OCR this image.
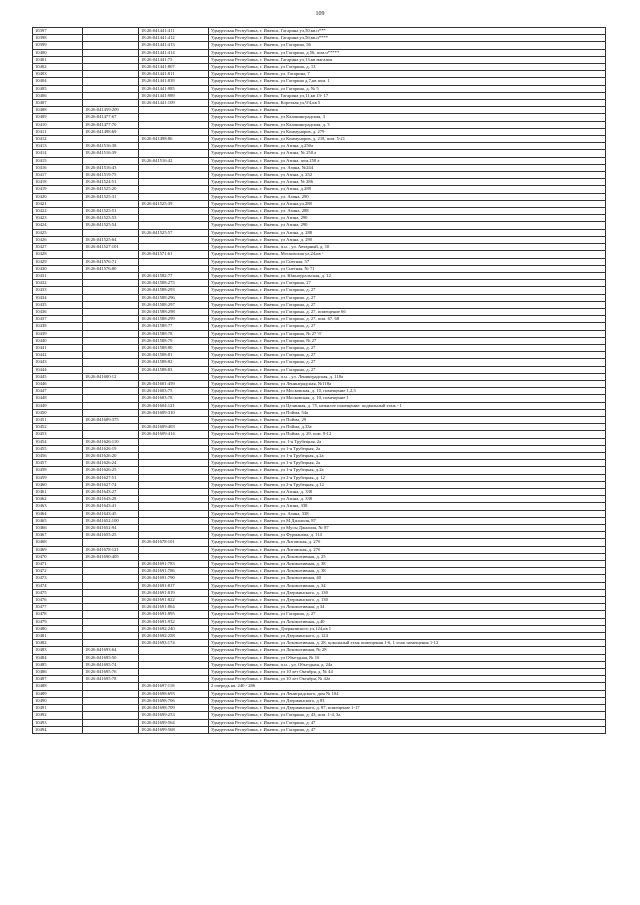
109
10397		18:26:041441:411	Удмуртская Республика, г. Ижевск, Гагарина ул,50,кв.п***
10398		18:26:041441:412	Удмуртская Республика, г. Ижевск, Гагарина ул,56,кв.п****
10399		18:26:041441:413	Удмуртская Республика, г. Ижевск, ул Гагарина, 56
10400		18:26:041441:414	Удмуртская Республика, г. Ижевск, ул Гагарина, д.56, пом.п*****
10401		18:26:041441:75	Удмуртская Республика, г. Ижевск, Гагарина ул,13,кв магазин
10402		18:26:041441:807	Удмуртская Республика, г. Ижевск, ул Гагарина, д. 13
10403		18:26:041441:811	Удмуртская Республика, г. Ижевск, ул. Гагарина, 7
10404		18:26:041441:839	Удмуртская Республика, г. Ижевск, ул Гагарина д.7,кв пом. 1
10405		18:26:041441:985	Удмуртская Республика, г. Ижевск, ул Гагарина, д. № 5
10406		18:26:041441:989	Удмуртская Республика, г. Ижевск, Гагарина ул,11,кв 13- 17
10407		18:26:041441:109	Удмуртская Республика, г. Ижевск, Короткая ул,9/4,кв 5
10408	18:26:041459:209		Удмуртская Республика, г. Ижевск
10409	18:26:041477:67		Удмуртская Республика, г. Ижевск, ул Калининградская, 3
10410	18:26:041477:70		Удмуртская Республика, г. Ижевск, ул Калининградская, д. 3
10411	18:26:041498:69		Удмуртская Республика, г. Ижевск, ул Коммунаров, д. 279
10412		18:26:041498:86	Удмуртская Республика, г. Ижевск, ул Коммунаров, д. 218, пом. 5-21
10413	18:26:041516:38		Удмуртская Республика, г. Ижевск, ул Азина, д.250а
10414	18:26:041516:39		Удмуртская Республика, г. Ижевск, ул Азина, № 250 а
10415		18:26:041516:42	Удмуртская Республика, г. Ижевск, ул Азина, пом.250 а
10416	18:26:041516:43		Удмуртская Республика, г. Ижевск, ул. Азина, №244
10417	18:26:041519:75		Удмуртская Республика, г. Ижевск, ул Азина, д. 252
10418	18:26:041524:51		Удмуртская Республика, г. Ижевск, ул Азина, № 286
10419	18:26:041525:20		Удмуртская Республика, г. Ижевск, ул Азина, д.288
10420	18:26:041525:31		Удмуртская Республика, г. Ижевск, ул. Азина, 290
10421		18:26:041525:39	Удмуртская Республика, г. Ижевск, ул Азина,ул.288
10422	18:26:041525:51		Удмуртская Республика, г. Ижевск, ул. Азина, 288
10423	18:26:041525:53		Удмуртская Республика, г. Ижевск, ул Азина, 290
10424	18:26:041525:54		Удмуртская Республика, г. Ижевск, ул Азина, 290
10425		18:26:041525:57	Удмуртская Республика, г. Ижевск, ул Азина, д. 288
10426	18:26:041525:64		Удмуртская Республика, г. Ижевск, ул Азина, д. 290
10427	18:26:041527:101		Удмуртская Республика, г. Ижевск, п.н. , ул. Автарный, д. 10
10428		18:26:041571:61	Удмуртская Республика, г. Ижевск, Московская ул,24,кв -
10429	18:26:041576:71		Удмуртская Республика, г. Ижевск, ул Снегная, 57
10430	18:26:041576:80		Удмуртская Республика, г. Ижевск, ул Снегная, № 71
10431		18:26:041582:77	Удмуртская Республика, г. Ижевск, ул. Южноуральская, д. 12
10432		18:26:041588:275	Удмуртская Республика, г. Ижевск, ул Гагарина, 27
10433		18:26:041588:293	Удмуртская Республика, г. Ижевск, ул Гагарина, д. 27
10434		18:26:041588:296	Удмуртская Республика, г. Ижевск, ул Гагарина, д. 27
10435		18:26:041588:297	Удмуртская Республика, г. Ижевск, ул Гагарина, д. 27
10436		18:26:041588:298	Удмуртская Республика, г. Ижевск, ул Гагарина, д. 27, помещение 66
10437		18:26:041588:299	Удмуртская Республика, г. Ижевск, ул Гагарина, д. 27, пом. 67, 68
10438		18:26:041588:77	Удмуртская Республика, г. Ижевск, ул Гагарина, д. 27
10439		18:26:041588:78	Удмуртская Республика, г. Ижевск, ул Гагарина, № 27 'б'
10440		18:26:041588:79	Удмуртская Республика, г. Ижевск, ул Гагарина, № 27
10441		18:26:041588:80	Удмуртская Республика, г. Ижевск, ул Гагарина, д. 27
10442		18:26:041588:81	Удмуртская Республика, г. Ижевск, ул Гагарина, д. 27
10443		18:26:041588:82	Удмуртская Республика, г. Ижевск, ул Гагарина, д. 27
10444		18:26:041588:83	Удмуртская Республика, г. Ижевск, ул Гагарина, д. 27
10445	18:26:041600:12		Удмуртская Республика, г. Ижевск, п.н. , ул. Ленинградская, д. 118а
10446		18:26:041601:459	Удмуртская Республика, г. Ижевск, ул Ленинградская, №118а
10447		18:26:041603:75	Удмуртская Республика, г. Ижевск, ул Московская, д. 10, помещение 1,2,3
10448		18:26:041603:78	Удмуртская Республика, г. Ижевск, ул Московская, д. 10, помещение 1
10449		18:26:041604:121	Удмуртская Республика, г. Ижевск, ул Целинная, д. 75, нежилое помещение: подвальный этаж - 1
10450		18:26:041609:310	Удмуртская Республика, г. Ижевск, ул Пойма, 54а
10451	18:26:041609:375		Удмуртская Республика, г. Ижевск, ул Пойма, 29
10452		18:26:041609:403	Удмуртская Республика, г. Ижевск, ул Пойма, д.33а
10453		18:26:041609:414	Удмуртская Республика, г. Ижевск, ул Пойма, д. 29, пом. 9-12
10454	18:26:041626:110		Удмуртская Республика, г. Ижевск, ул. 1-я Трубецкая, 2а
10455	18:26:041626:19		Удмуртская Республика, г. Ижевск, ул 1-я Трубецкая, 2а
10456	18:26:041626:20		Удмуртская Республика, г. Ижевск, ул 1-я Трубецкая, д.2а
10457	18:26:041626:24		Удмуртская Республика, г. Ижевск, ул 1-я Трубецкая, 2а
10458	18:26:041626:25		Удмуртская Республика, г. Ижевск, ул 1-я Трубецкая, д.2а
10459	18:26:041627:51		Удмуртская Республика, г. Ижевск, ул 2-я Трубецкая, д. 12
10460	18:26:041627:74		Удмуртская Республика, г. Ижевск, ул 2-я Трубецкая, д.12
10461	18:26:041643:27		Удмуртская Республика, г. Ижевск, ул Азина, д. 338
10462	18:26:041643:28		Удмуртская Республика, г. Ижевск, ул Азина, д. 338
10463	18:26:041643:41		Удмуртская Республика, г. Ижевск, ул Азина, 338
10464	18:26:041643:45		Удмуртская Республика, г. Ижевск, ул. Азина, 338
10465	18:26:041652:100		Удмуртская Республика, г. Ижевск, ул М.Джалиля, 87
10466	18:26:041652:94		Удмуртская Республика, г. Ижевск, ул Мусы Джалиля, № 87
10467	18:26:041655:25		Удмуртская Республика, г. Ижевск, ул Фурманова, д. 114
10468		18:26:041678:101	Удмуртская Республика, г. Ижевск, ул Литовская, д. 27б
10469	18:26:041678:121		Удмуртская Республика, г. Ижевск, ул Литовская, д. 27б
10470	18:26:041690:405		Удмуртская Республика, г. Ижевск, ул Локомотивная, д. 25
10471		18:26:041691:783	Удмуртская Республика, г. Ижевск, ул Локомотивная, д. 38
10472		18:26:041691:786	Удмуртская Республика, г. Ижевск, ул Локомотивная, д. 38
10473		18:26:041691:790	Удмуртская Республика, г. Ижевск, ул Локомотивная, 40
10474		18:26:041691:817	Удмуртская Республика, г. Ижевск, ул Локомотивная, д. 34
10475		18:26:041691:819	Удмуртская Республика, г. Ижевск, ул Дзержинского, д. 130
10476		18:26:041691:822	Удмуртская Республика, г. Ижевск, ул Дзержинского, д. 130
10477		18:26:041691:864	Удмуртская Республика, г. Ижевск, ул Локомотивная, д 34
10478		18:26:041691:895	Удмуртская Республика, г. Ижевск, ул Гагарина, д. 27
10479		18:26:041691:932	Удмуртская Республика, г. Ижевск, ул Локомотивная, д.40
10480		18:26:041692:240	Удмуртская Республика, г. Ижевск, Дзержинского ул,124,кв 1
10481		18:26:041692:258	Удмуртская Республика, г. Ижевск, ул Дзержинского, д. 124
10482		18:26:041693:174	Удмуртская Республика, г. Ижевск, ул Локомотивная, д. 28, цокольный этаж помещения 1-6, 1 этаж помещения 1-12
10483	18:26:041693:64		Удмуртская Республика, г. Ижевск, ул Локомотивная, № 28
10484	18:26:041695:50		Удмуртская Республика, г. Ижевск, ул Объездная, № 1б
10485	18:26:041695:74		Удмуртская Республика, г. Ижевск, п.н. , ул. Объездная, д. 24а
10486	18:26:041695:76		Удмуртская Республика, г. Ижевск, ул 10 лет Октября, д. № 44
10487	18:26:041695:78		Удмуртская Республика, г. Ижевск, ул 10 лет Октября, № 42а
10488		18:26:041697:118	2 очередь кв. 240 - 286
10489		18:26:041698:693	Удмуртская Республика, г. Ижевск, ул Лениградского, дом № 104
10490		18:26:041698:706	Удмуртская Республика, г. Ижевск, ул Дзержинского, д 83
10491		18:26:041698:709	Удмуртская Республика, г. Ижевск, ул Дзержинского, д. 87, помещение 1-17
10492		18:26:041699:253	Удмуртская Республика, г. Ижевск, ул Гагарина, д. 43, пом. 1-4, 3а
10493		18:26:041699:564	Удмуртская Республика, г. Ижевск, ул Гагарина, д. 47
10494		18:26:041699:568	Удмуртская Республика, г. Ижевск, ул Гагарина, д. 47
